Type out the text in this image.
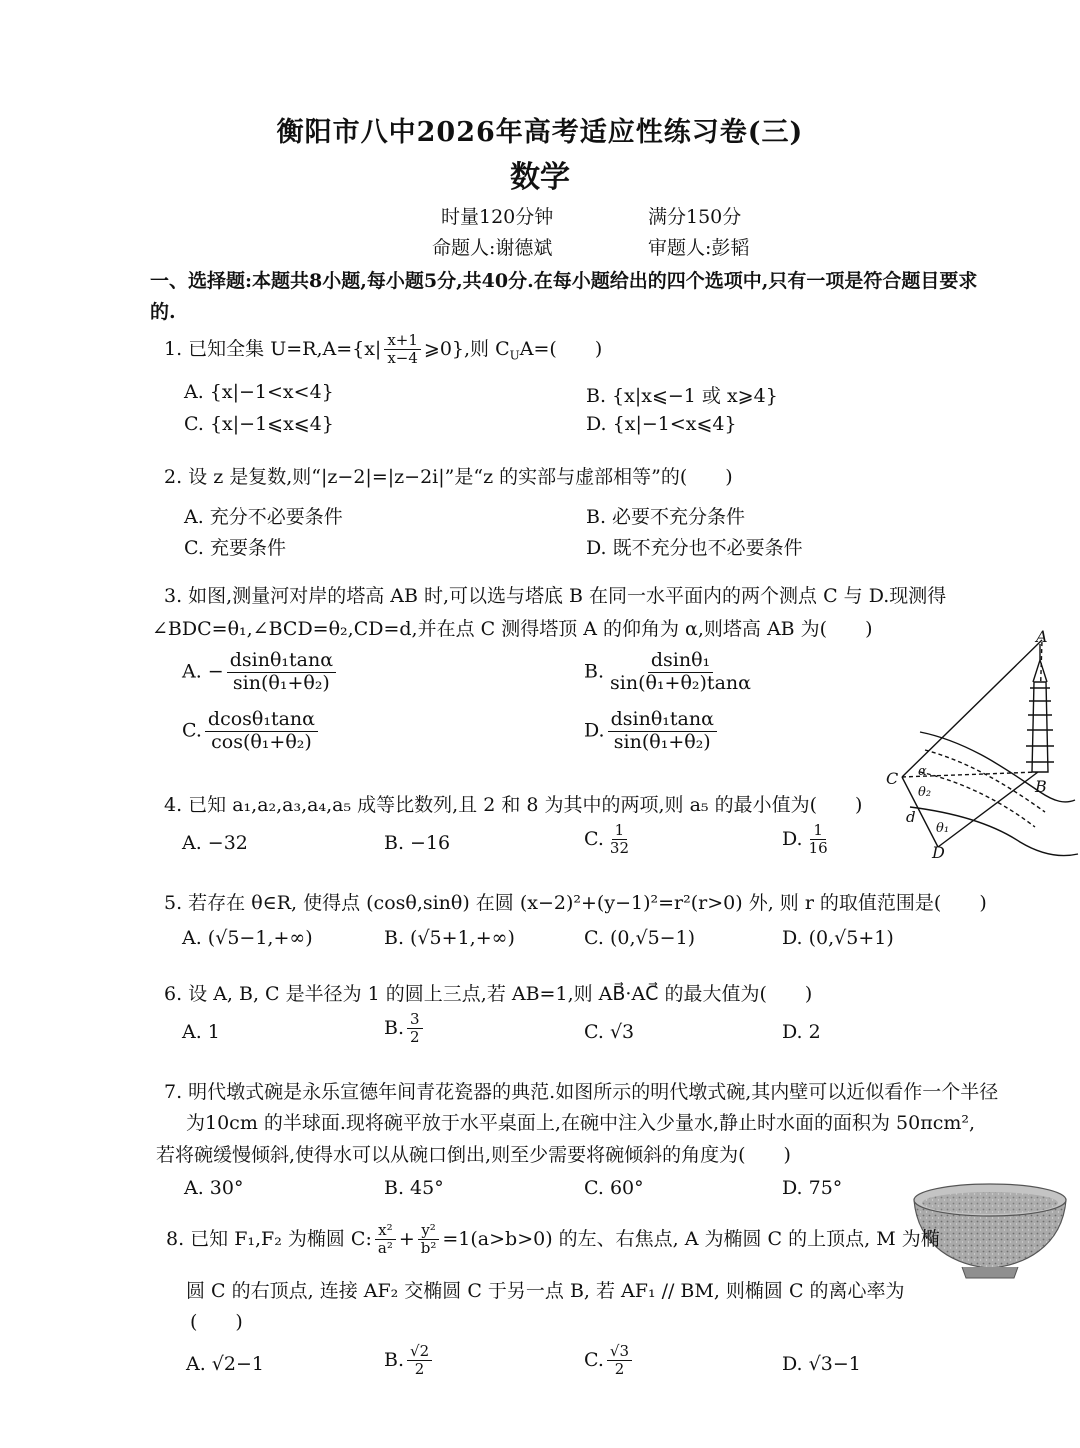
衡阳市八中2026年高考适应性练习卷(三)
数学
时量120分钟	满分150分
命题人:谢德斌	审题人:彭韬
一、选择题:本题共8小题,每小题5分,共40分.在每小题给出的四个选项中,只有一项是符合题目要求
的.
1. 已知全集 $U=R,A=\{x| \frac{x+1}{x-4}$ ⩾0},则 $C_UA=$(　　)
A. {x|−1<x<4}	B. {x|x⩽−1 或 x⩾4}
C. {x|−1⩽x⩽4}	D. {x|−1<x⩽4}
2. 设 z 是复数,则“|z−2|=|z−2i|”是“z 的实部与虚部相等”的(　　)
A. 充分不必要条件	B. 必要不充分条件
C. 充要条件	D. 既不充分也不必要条件
3. 如图,测量河对岸的塔高 AB 时,可以选与塔底 B 在同一水平面内的两个测点 C 与 D.现测得
∠BDC=θ₁,∠BCD=θ₂,CD=d,并在点 C 测得塔顶 A 的仰角为 α,则塔高 AB 为(　　)
A. − $\frac{\text{dsinθ₁tanα}}{\text{sin(θ₁+θ₂)}}$	B. $\frac{\text{dsinθ₁}}{\text{sin(θ₁+θ₂)tanα}}$
C. $\frac{\text{dcosθ₁tanα}}{\text{cos(θ₁+θ₂)}}$	D. $\frac{\text{dsinθ₁tanα}}{\text{sin(θ₁+θ₂)}}$
A
B
C
D
d
α
θ₂
θ₁
4. 已知 a₁,a₂,a₃,a₄,a₅ 成等比数列,且 2 和 8 为其中的两项,则 a₅ 的最小值为(　　)
A. −32	B. −16	C. $\frac{1}{32}$	D. $\frac{1}{16}$
5. 若存在 θ∈R, 使得点 (cosθ,sinθ) 在圆 (x−2)²+(y−1)²=r²(r>0) 外, 则 r 的取值范围是(　　)
A. (√5−1,+∞)	B. (√5+1,+∞)	C. (0,√5−1)	D. (0,√5+1)
6. 设 A, B, C 是半径为 1 的圆上三点,若 AB=1,则 AB⃗·AC⃗ 的最大值为(　　)
A. 1	B. $\frac{3}{2}$	C. √3	D. 2
7. 明代墩式碗是永乐宣德年间青花瓷器的典范.如图所示的明代墩式碗,其内壁可以近似看作一个半径
为10cm 的半球面.现将碗平放于水平桌面上,在碗中注入少量水,静止时水面的面积为 50πcm²,
若将碗缓慢倾斜,使得水可以从碗口倒出,则至少需要将碗倾斜的角度为(　　)
A. 30°	B. 45°	C. 60°	D. 75°
8. 已知 F₁,F₂ 为椭圆 C: $\frac{\text{x²}}{\text{a²}} + \frac{\text{y²}}{\text{b²}} =1(a>b>0)$ 的左、右焦点, A 为椭圆 C 的上顶点, M 为椭
圆 C 的右顶点, 连接 AF₂ 交椭圆 C 于另一点 B, 若 AF₁ // BM, 则椭圆 C 的离心率为
(　　)
A. √2−1	B. $\frac{√2}{2}$	C. $\frac{√3}{2}$	D. √3−1
